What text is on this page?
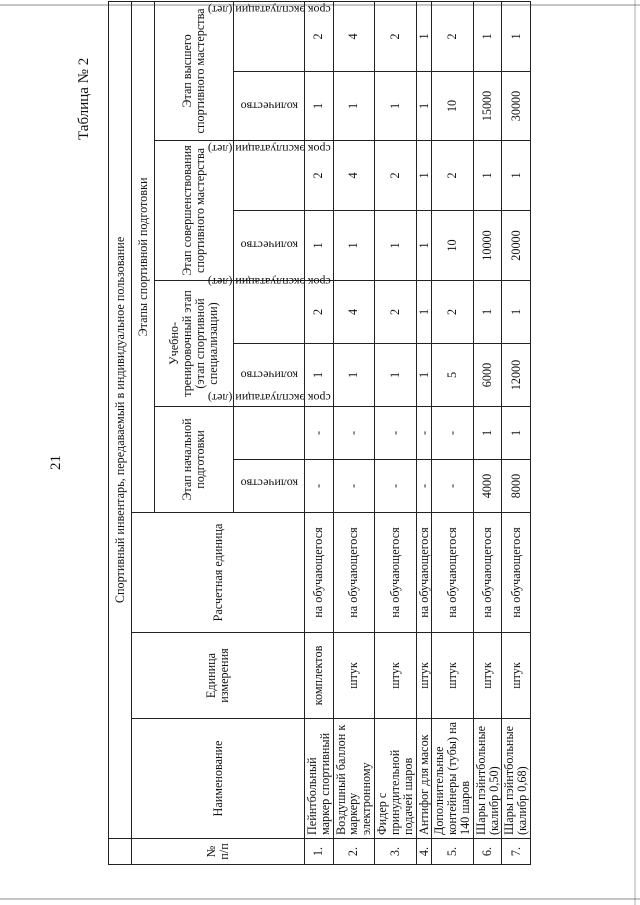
21
Таблица № 2
	Спортивный инвентарь, передаваемый в индивидуальное пользование										
№ п/п	Наименование	Единица измерения	Расчетная единица	Этапы спортивной подготовки							
				Этап начальной подготовки		Учебно-тренировочный этап (этап спортивной специализации)		Этап совершенствования спортивного мастерства		Этап высшего спортивного мастерства	
				количество	срок эксплуатации (лет)	количество	срок эксплуатации (лет)	количество	срок эксплуатации (лет)	количество	срок эксплуатации (лет)
1.	Пейнтбольный маркер спортивный	комплектов	на обучающегося	-	-	1	2	1	2	1	2
2.	Воздушный баллон к маркеру электронному	штук	на обучающегося	-	-	1	4	1	4	1	4
3.	Фидер с принудительной подачей шаров	штук	на обучающегося	-	-	1	2	1	2	1	2
4.	Антифог для масок	штук	на обучающегося	-	-	1	1	1	1	1	1
5.	Дополнительные контейнеры (тубы) на 140 шаров	штук	на обучающегося	-	-	5	2	10	2	10	2
6.	Шары пэйнтбольные (калибр 0,50)	штук	на обучающегося	4000	1	6000	1	10000	1	15000	1
7.	Шары пэйнтбольные (калибр 0,68)	штук	на обучающегося	8000	1	12000	1	20000	1	30000	1
